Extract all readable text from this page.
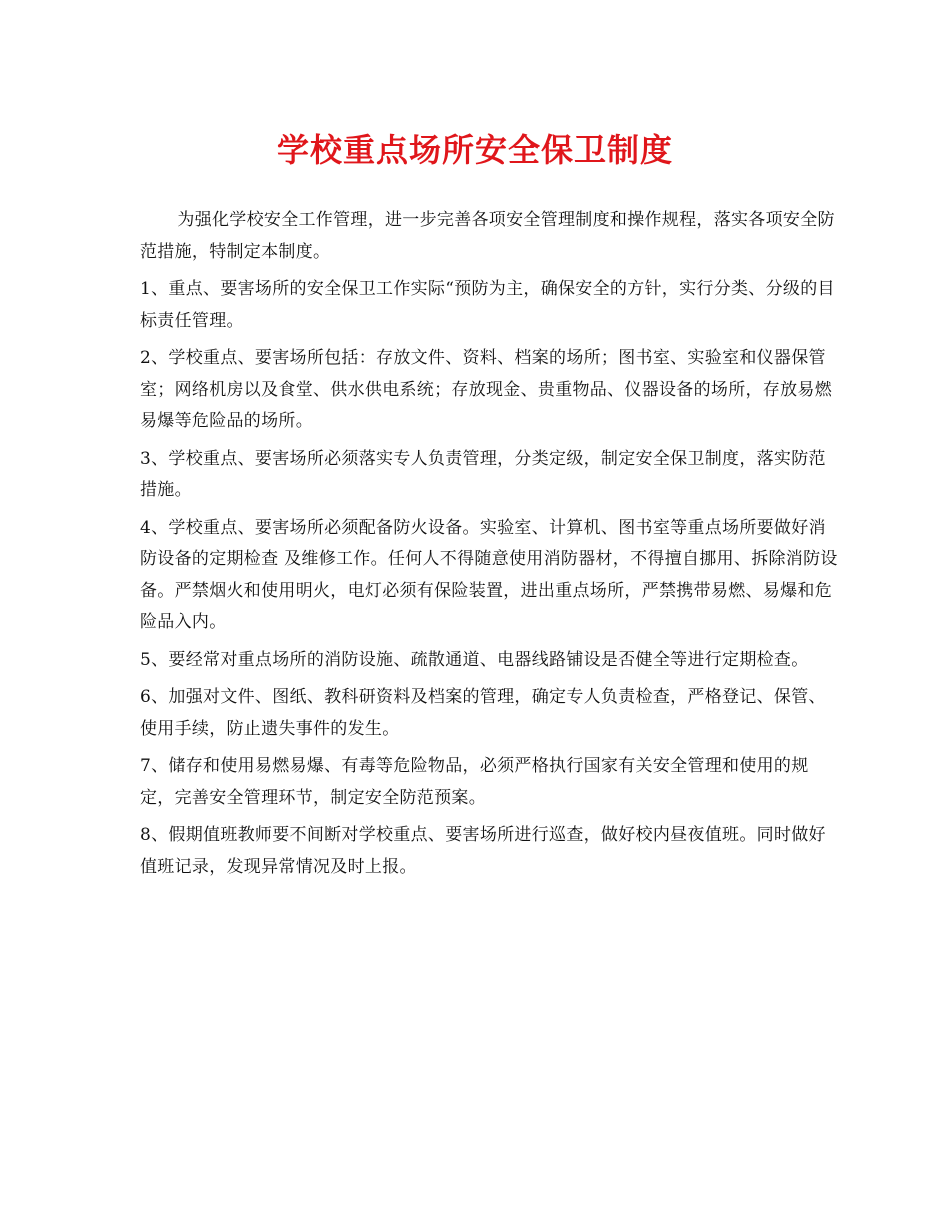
学校重点场所安全保卫制度

为强化学校安全工作管理，进一步完善各项安全管理制度和操作规程，落实各项安全防范措施，特制定本制度。

1、重点、要害场所的安全保卫工作实际“预防为主，确保安全的方针，实行分类、分级的目标责任管理。

2、学校重点、要害场所包括：存放文件、资料、档案的场所；图书室、实验室和仪器保管室；网络机房以及食堂、供水供电系统；存放现金、贵重物品、仪器设备的场所，存放易燃易爆等危险品的场所。

3、学校重点、要害场所必须落实专人负责管理，分类定级，制定安全保卫制度，落实防范措施。

4、学校重点、要害场所必须配备防火设备。实验室、计算机、图书室等重点场所要做好消防设备的定期检查 及维修工作。任何人不得随意使用消防器材，不得擅自挪用、拆除消防设备。严禁烟火和使用明火，电灯必须有保险装置，进出重点场所，严禁携带易燃、易爆和危险品入内。

5、要经常对重点场所的消防设施、疏散通道、电器线路铺设是否健全等进行定期检查。

6、加强对文件、图纸、教科研资料及档案的管理，确定专人负责检查，严格登记、保管、使用手续，防止遗失事件的发生。

7、储存和使用易燃易爆、有毒等危险物品，必须严格执行国家有关安全管理和使用的规定，完善安全管理环节，制定安全防范预案。

8、假期值班教师要不间断对学校重点、要害场所进行巡查，做好校内昼夜值班。同时做好值班记录，发现异常情况及时上报。
